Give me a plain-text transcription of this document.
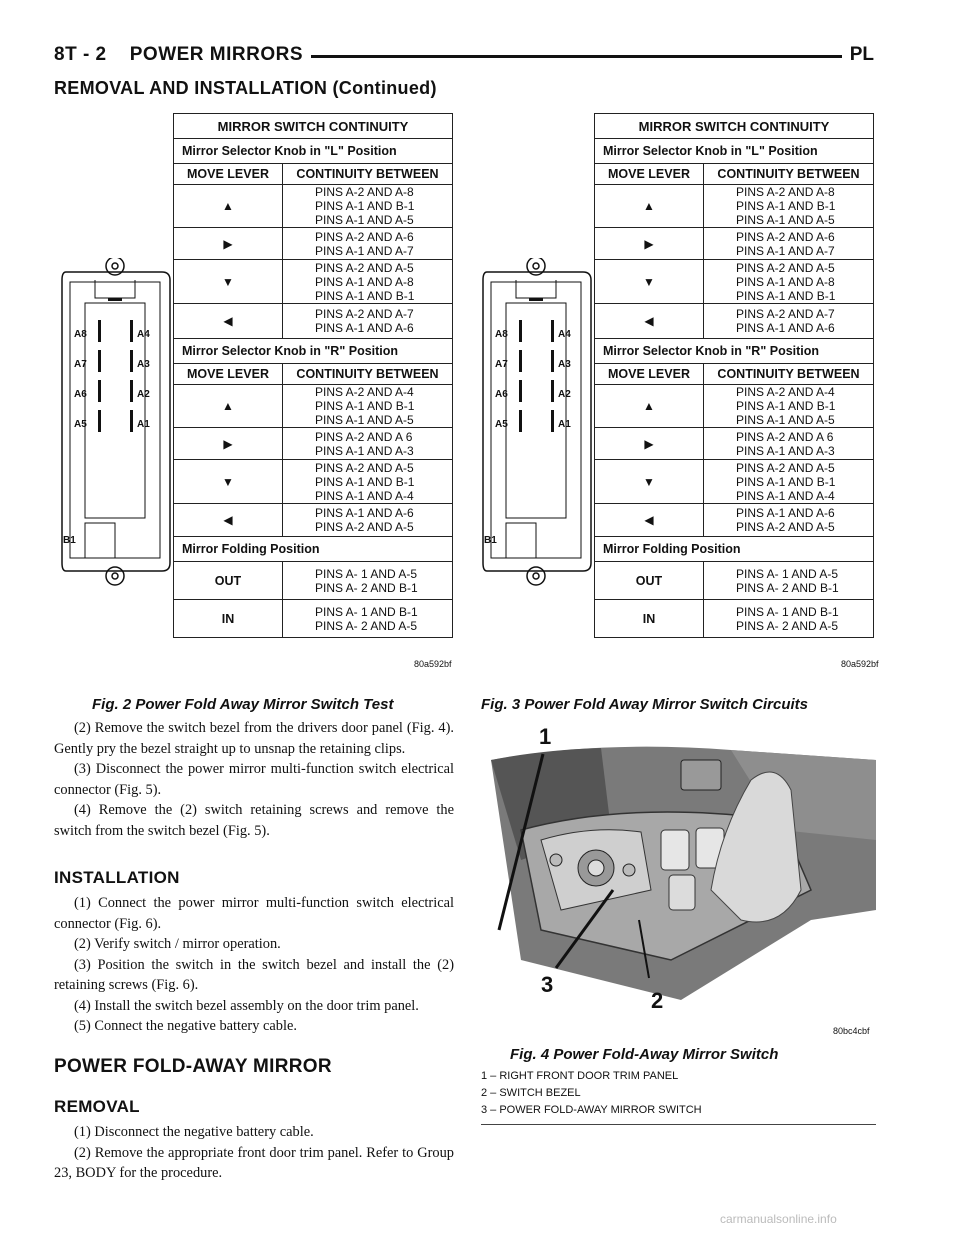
8T - 2    POWER MIRRORS	PL
REMOVAL AND INSTALLATION (Continued)
A8
A7
A6
A5
A4
A3
A2
A1
B1
MIRROR SWITCH CONTINUITY	
Mirror Selector Knob in "L" Position	
MOVE LEVER	CONTINUITY BETWEEN
▲	PINS A-2 AND A-8
PINS A-1 AND B-1
PINS A-1 AND A-5

▶	PINS A-2 AND A-6
PINS A-1 AND A-7

▼	PINS A-2 AND A-5
PINS A-1 AND A-8
PINS A-1 AND B-1

◀	PINS A-2 AND A-7
PINS A-1 AND A-6

Mirror Selector Knob in "R" Position	
MOVE LEVER	CONTINUITY BETWEEN
▲	PINS A-2 AND A-4
PINS A-1 AND B-1
PINS A-1 AND A-5

▶	PINS A-2 AND A 6
PINS A-1 AND A-3

▼	PINS A-2 AND A-5
PINS A-1 AND B-1
PINS A-1 AND A-4

◀	PINS A-1 AND A-6
PINS A-2 AND A-5

Mirror Folding Position	
OUT	PINS A- 1 AND A-5
PINS A- 2 AND B-1

IN	PINS A- 1 AND B-1
PINS A- 2 AND A-5
80a592bf
A8
A7
A6
A5
A4
A3
A2
A1
B1
MIRROR SWITCH CONTINUITY	
Mirror Selector Knob in "L" Position	
MOVE LEVER	CONTINUITY BETWEEN
▲	PINS A-2 AND A-8
PINS A-1 AND B-1
PINS A-1 AND A-5

▶	PINS A-2 AND A-6
PINS A-1 AND A-7

▼	PINS A-2 AND A-5
PINS A-1 AND A-8
PINS A-1 AND B-1

◀	PINS A-2 AND A-7
PINS A-1 AND A-6

Mirror Selector Knob in "R" Position	
MOVE LEVER	CONTINUITY BETWEEN
▲	PINS A-2 AND A-4
PINS A-1 AND B-1
PINS A-1 AND A-5

▶	PINS A-2 AND A 6
PINS A-1 AND A-3

▼	PINS A-2 AND A-5
PINS A-1 AND B-1
PINS A-1 AND A-4

◀	PINS A-1 AND A-6
PINS A-2 AND A-5

Mirror Folding Position	
OUT	PINS A- 1 AND A-5
PINS A- 2 AND B-1

IN	PINS A- 1 AND B-1
PINS A- 2 AND A-5
80a592bf
Fig. 2 Power Fold Away Mirror Switch Test	Fig. 3 Power Fold Away Mirror Switch Circuits

(2) Remove the switch bezel from the drivers door panel (Fig. 4). Gently pry the bezel straight up to unsnap the retaining clips.

(3) Disconnect the power mirror multi-function switch electrical connector (Fig. 5).

(4) Remove the (2) switch retaining screws and remove the switch from the switch bezel (Fig. 5).

INSTALLATION

(1) Connect the power mirror multi-function switch electrical connector (Fig. 6).

(2) Verify switch / mirror operation.

(3) Position the switch in the switch bezel and install the (2) retaining screws (Fig. 6).

(4) Install the switch bezel assembly on the door trim panel.

(5) Connect the negative battery cable.

POWER FOLD-AWAY MIRROR
REMOVAL

(1) Disconnect the negative battery cable.

(2) Remove the appropriate front door trim panel. Refer to Group 23, BODY for the procedure.

1
2
3
80bc4cbf
Fig. 4 Power Fold-Away Mirror Switch
1 – RIGHT FRONT DOOR TRIM PANEL
2 – SWITCH BEZEL
3 – POWER FOLD-AWAY MIRROR SWITCH
carmanualsonline.info
